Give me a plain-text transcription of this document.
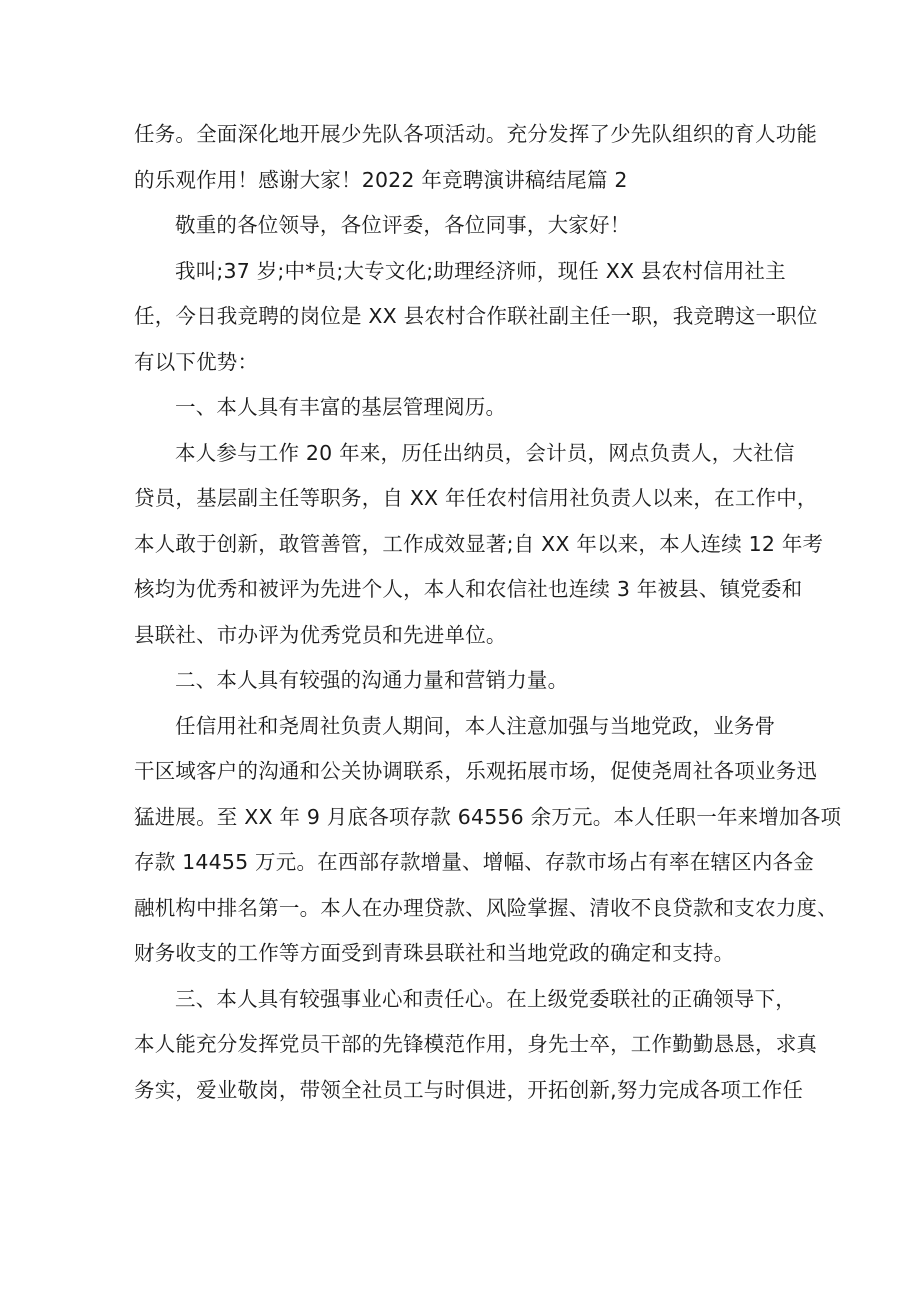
任务。全面深化地开展少先队各项活动。充分发挥了少先队组织的育人功能

的乐观作用！感谢大家！2022 年竞聘演讲稿结尾篇 2

敬重的各位领导，各位评委，各位同事，大家好！

我叫;37 岁;中*员;大专文化;助理经济师，现任 XX 县农村信用社主

任，今日我竞聘的岗位是 XX 县农村合作联社副主任一职，我竞聘这一职位

有以下优势：

一、本人具有丰富的基层管理阅历。

本人参与工作 20 年来，历任出纳员，会计员，网点负责人，大社信

贷员，基层副主任等职务，自 XX 年任农村信用社负责人以来，在工作中，

本人敢于创新，敢管善管，工作成效显著;自 XX 年以来，本人连续 12 年考

核均为优秀和被评为先进个人，本人和农信社也连续 3 年被县、镇党委和

县联社、市办评为优秀党员和先进单位。

二、本人具有较强的沟通力量和营销力量。

任信用社和尧周社负责人期间，本人注意加强与当地党政，业务骨

干区域客户的沟通和公关协调联系，乐观拓展市场，促使尧周社各项业务迅

猛进展。至 XX 年 9 月底各项存款 64556 余万元。本人任职一年来增加各项

存款 14455 万元。在西部存款增量、增幅、存款市场占有率在辖区内各金

融机构中排名第一。本人在办理贷款、风险掌握、清收不良贷款和支农力度、

财务收支的工作等方面受到青珠县联社和当地党政的确定和支持。

三、本人具有较强事业心和责任心。在上级党委联社的正确领导下，

本人能充分发挥党员干部的先锋模范作用，身先士卒，工作勤勤恳恳，求真

务实，爱业敬岗，带领全社员工与时俱进，开拓创新,努力完成各项工作任
